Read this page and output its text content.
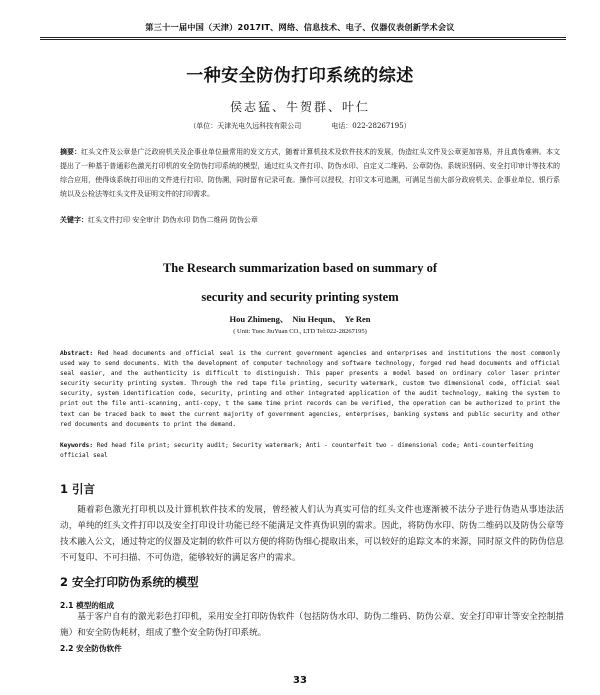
第三十一届中国（天津）2017IT、网络、信息技术、电子、仪器仪表创新学术会议
一种安全防伪打印系统的综述
侯志猛、牛贺群、叶仁
（单位：天津光电久远科技有限公司	电话：022-28267195）

摘要：红头文件及公章是广泛政府机关及企事业单位最常用的发文方式，随着计算机技术及软件技术的发展，伪造红头文件及公章更加容易，并且真伪难辨。本文提出了一种基于普通彩色激光打印机的安全防伪打印系统的模型，通过红头文件打印、防伪水印、自定义二维码、公章防伪、系统识别码、安全打印审计等技术的综合应用，使得该系统打印出的文件进行打印、防伪溯，同时留有记录可查。操作可以授权，打印文本可追溯，可满足当前大部分政府机关、企事业单位、银行系统以及公检法等红头文件及证明文件的打印需求。

关键字：红头文件打印 安全审计 防伪水印 防伪二维码 防伪公章

The Research summarization based on summary of
security and security printing system
Hou Zhimeng、 Niu Hequn、 Ye Ren
( Unit: Tuoc JiuYuan CO., LTD Tel:022-28267195)

Abstract: Red head documents and official seal is the current government agencies and enterprises and institutions the most commonly used way to send documents. With the development of computer technology and software technology, forged red head documents and official seal easier, and the authenticity is difficult to distinguish. This paper presents a model based on ordinary color laser printer security security printing system. Through the red tape file printing, security watermark, custom two dimensional code, official seal security, system identification code, security, printing and other integrated application of the audit technology, making the system to print out the file anti-scanning, anti-copy, t the same time print records can be verified, the operation can be authorized to print the text can be traced back to meet the current majority of government agencies, enterprises, banking systems and public security and other red documents and documents to print the demand.

Keywords: Red head file print; security audit; Security watermark; Anti - counterfeit two - dimensional code; Anti-counterfeiting official seal

1 引言

随着彩色激光打印机以及计算机软件技术的发展，曾经被人们认为真实可信的红头文件也逐渐被不法分子进行伪造从事违法活动，单纯的红头文件打印以及安全打印设计功能已经不能满足文件真伪识别的需求。因此，将防伪水印、防伪二维码以及防伪公章等技术融入公文，通过特定的仪器及定制的软件可以方便的将防伪细心提取出来，可以较好的追踪文本的来源，同时原文件的防伪信息不可复印、不可扫描、不可伪造，能够较好的满足客户的需求。

2 安全打印防伪系统的模型
2.1 模型的组成

基于客户自有的激光彩色打印机，采用安全打印防伪软件（包括防伪水印、防伪二维码、防伪公章、安全打印审计等安全控制措施）和安全防伪耗材，组成了整个安全防伪打印系统。

2.2 安全防伪软件
33
